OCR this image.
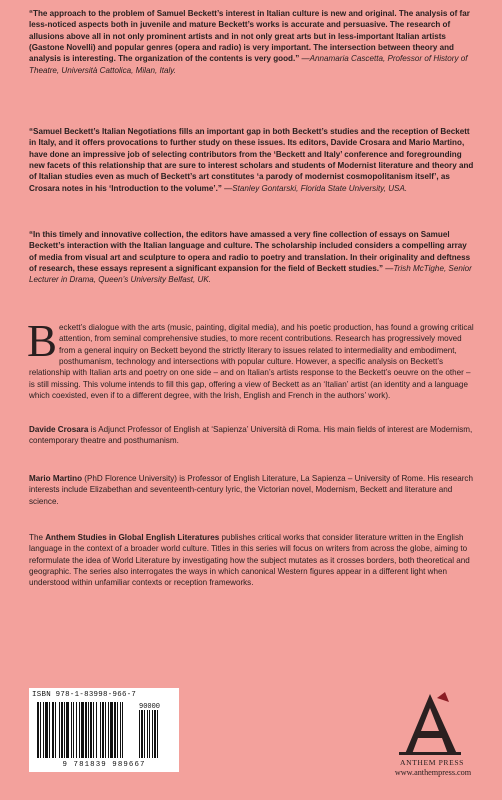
“The approach to the problem of Samuel Beckett’s interest in Italian culture is new and original. The analysis of far less-noticed aspects both in juvenile and mature Beckett’s works is accurate and persuasive. The research of allusions above all in not only prominent artists and in not only great arts but in less-important Italian artists (Gastone Novelli) and popular genres (opera and radio) is very important. The intersection between theory and analysis is interesting. The organization of the contents is very good.” —Annamaria Cascetta, Professor of History of Theatre, Università Cattolica, Milan, Italy.

“Samuel Beckett’s Italian Negotiations fills an important gap in both Beckett’s studies and the reception of Beckett in Italy, and it offers provocations to further study on these issues. Its editors, Davide Crosara and Mario Martino, have done an impressive job of selecting contributors from the ‘Beckett and Italy’ conference and foregrounding new facets of this relationship that are sure to interest scholars and students of Modernist literature and theory and of Italian studies even as much of Beckett’s art constitutes ‘a parody of modernist cosmopolitanism itself’, as Crosara notes in his ‘Introduction to the volume’.” —Stanley Gontarski, Florida State University, USA.

“In this timely and innovative collection, the editors have amassed a very fine collection of essays on Samuel Beckett’s interaction with the Italian language and culture. The scholarship included considers a compelling array of media from visual art and sculpture to opera and radio to poetry and translation. In their originality and deftness of research, these essays represent a significant expansion for the field of Beckett studies.” —Trish McTighe, Senior Lecturer in Drama, Queen’s University Belfast, UK.

Beckett’s dialogue with the arts (music, painting, digital media), and his poetic production, has found a growing critical attention, from seminal comprehensive studies, to more recent contributions. Research has progressively moved from a general inquiry on Beckett beyond the strictly literary to issues related to intermediality and embodiment, posthumanism, technology and intersections with popular culture. However, a specific analysis on Beckett’s relationship with Italian arts and poetry on one side – and on Italian’s artists response to the Beckett’s oeuvre on the other – is still missing. This volume intends to fill this gap, offering a view of Beckett as an ‘Italian’ artist (an identity and a language which coexisted, even if to a different degree, with the Irish, English and French in the authors’ work).

Davide Crosara is Adjunct Professor of English at ‘Sapienza’ Università di Roma. His main fields of interest are Modernism, contemporary theatre and posthumanism.

Mario Martino (PhD Florence University) is Professor of English Literature, La Sapienza – University of Rome. His research interests include Elizabethan and seventeenth-century lyric, the Victorian novel, Modernism, Beckett and literature and science.

The Anthem Studies in Global English Literatures publishes critical works that consider literature written in the English language in the context of a broader world culture. Titles in this series will focus on writers from across the globe, aiming to reformulate the idea of World Literature by investigating how the subject mutates as it crosses borders, both theoretical and geographic. The series also interrogates the ways in which canonical Western figures appear in a different light when understood within unfamiliar contexts or reception frameworks.

ISBN 978-1-83998-966-7
90000
9 781839 989667	ANTHEM PRESS
www.anthempress.com
